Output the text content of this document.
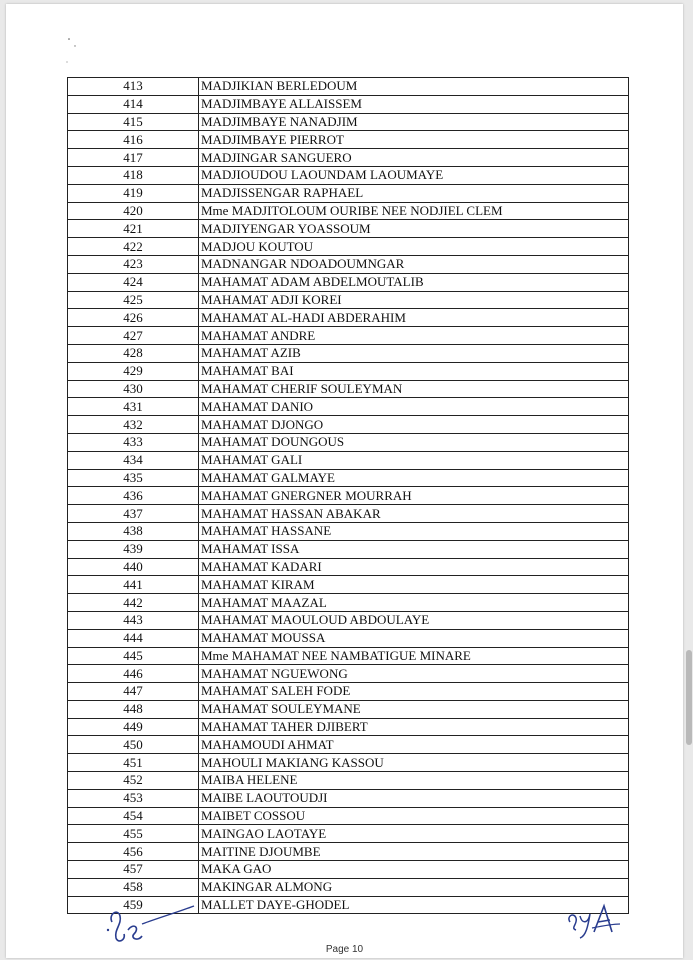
413	MADJIKIAN BERLEDOUM
414	MADJIMBAYE ALLAISSEM
415	MADJIMBAYE NANADJIM
416	MADJIMBAYE PIERROT
417	MADJINGAR SANGUERO
418	MADJIOUDOU LAOUNDAM LAOUMAYE
419	MADJISSENGAR RAPHAEL
420	Mme MADJITOLOUM OURIBE NEE NODJIEL CLEM
421	MADJIYENGAR YOASSOUM
422	MADJOU KOUTOU
423	MADNANGAR NDOADOUMNGAR
424	MAHAMAT ADAM ABDELMOUTALIB
425	MAHAMAT ADJI KOREI
426	MAHAMAT AL-HADI ABDERAHIM
427	MAHAMAT ANDRE
428	MAHAMAT AZIB
429	MAHAMAT BAI
430	MAHAMAT CHERIF SOULEYMAN
431	MAHAMAT DANIO
432	MAHAMAT DJONGO
433	MAHAMAT DOUNGOUS
434	MAHAMAT GALI
435	MAHAMAT GALMAYE
436	MAHAMAT GNERGNER MOURRAH
437	MAHAMAT HASSAN ABAKAR
438	MAHAMAT HASSANE
439	MAHAMAT ISSA
440	MAHAMAT KADARI
441	MAHAMAT KIRAM
442	MAHAMAT MAAZAL
443	MAHAMAT MAOULOUD ABDOULAYE
444	MAHAMAT MOUSSA
445	Mme MAHAMAT NEE NAMBATIGUE MINARE
446	MAHAMAT NGUEWONG
447	MAHAMAT SALEH FODE
448	MAHAMAT SOULEYMANE
449	MAHAMAT TAHER DJIBERT
450	MAHAMOUDI AHMAT
451	MAHOULI MAKIANG KASSOU
452	MAIBA HELENE
453	MAIBE LAOUTOUDJI
454	MAIBET COSSOU
455	MAINGAO LAOTAYE
456	MAITINE DJOUMBE
457	MAKA GAO
458	MAKINGAR ALMONG
459	MALLET DAYE-GHODEL
Page 10
